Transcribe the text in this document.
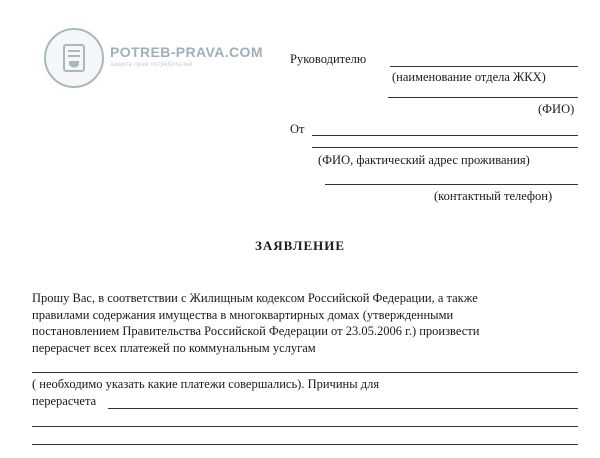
POTREB-PRAVA.COM
защита прав потребителей	Руководителю
(наименование отдела ЖКХ)
(ФИО)
От
(ФИО, фактический адрес проживания)
(контактный телефон)
ЗАЯВЛЕНИЕ
Прошу Вас, в соответствии с Жилищным кодексом Российской Федерации, а также
правилами содержания имущества в многоквартирных домах (утвержденными
постановлением Правительства Российской Федерации от 23.05.2006 г.) произвести
перерасчет всех платежей по коммунальным услугам
( необходимо указать какие платежи совершались). Причины для
перерасчета
